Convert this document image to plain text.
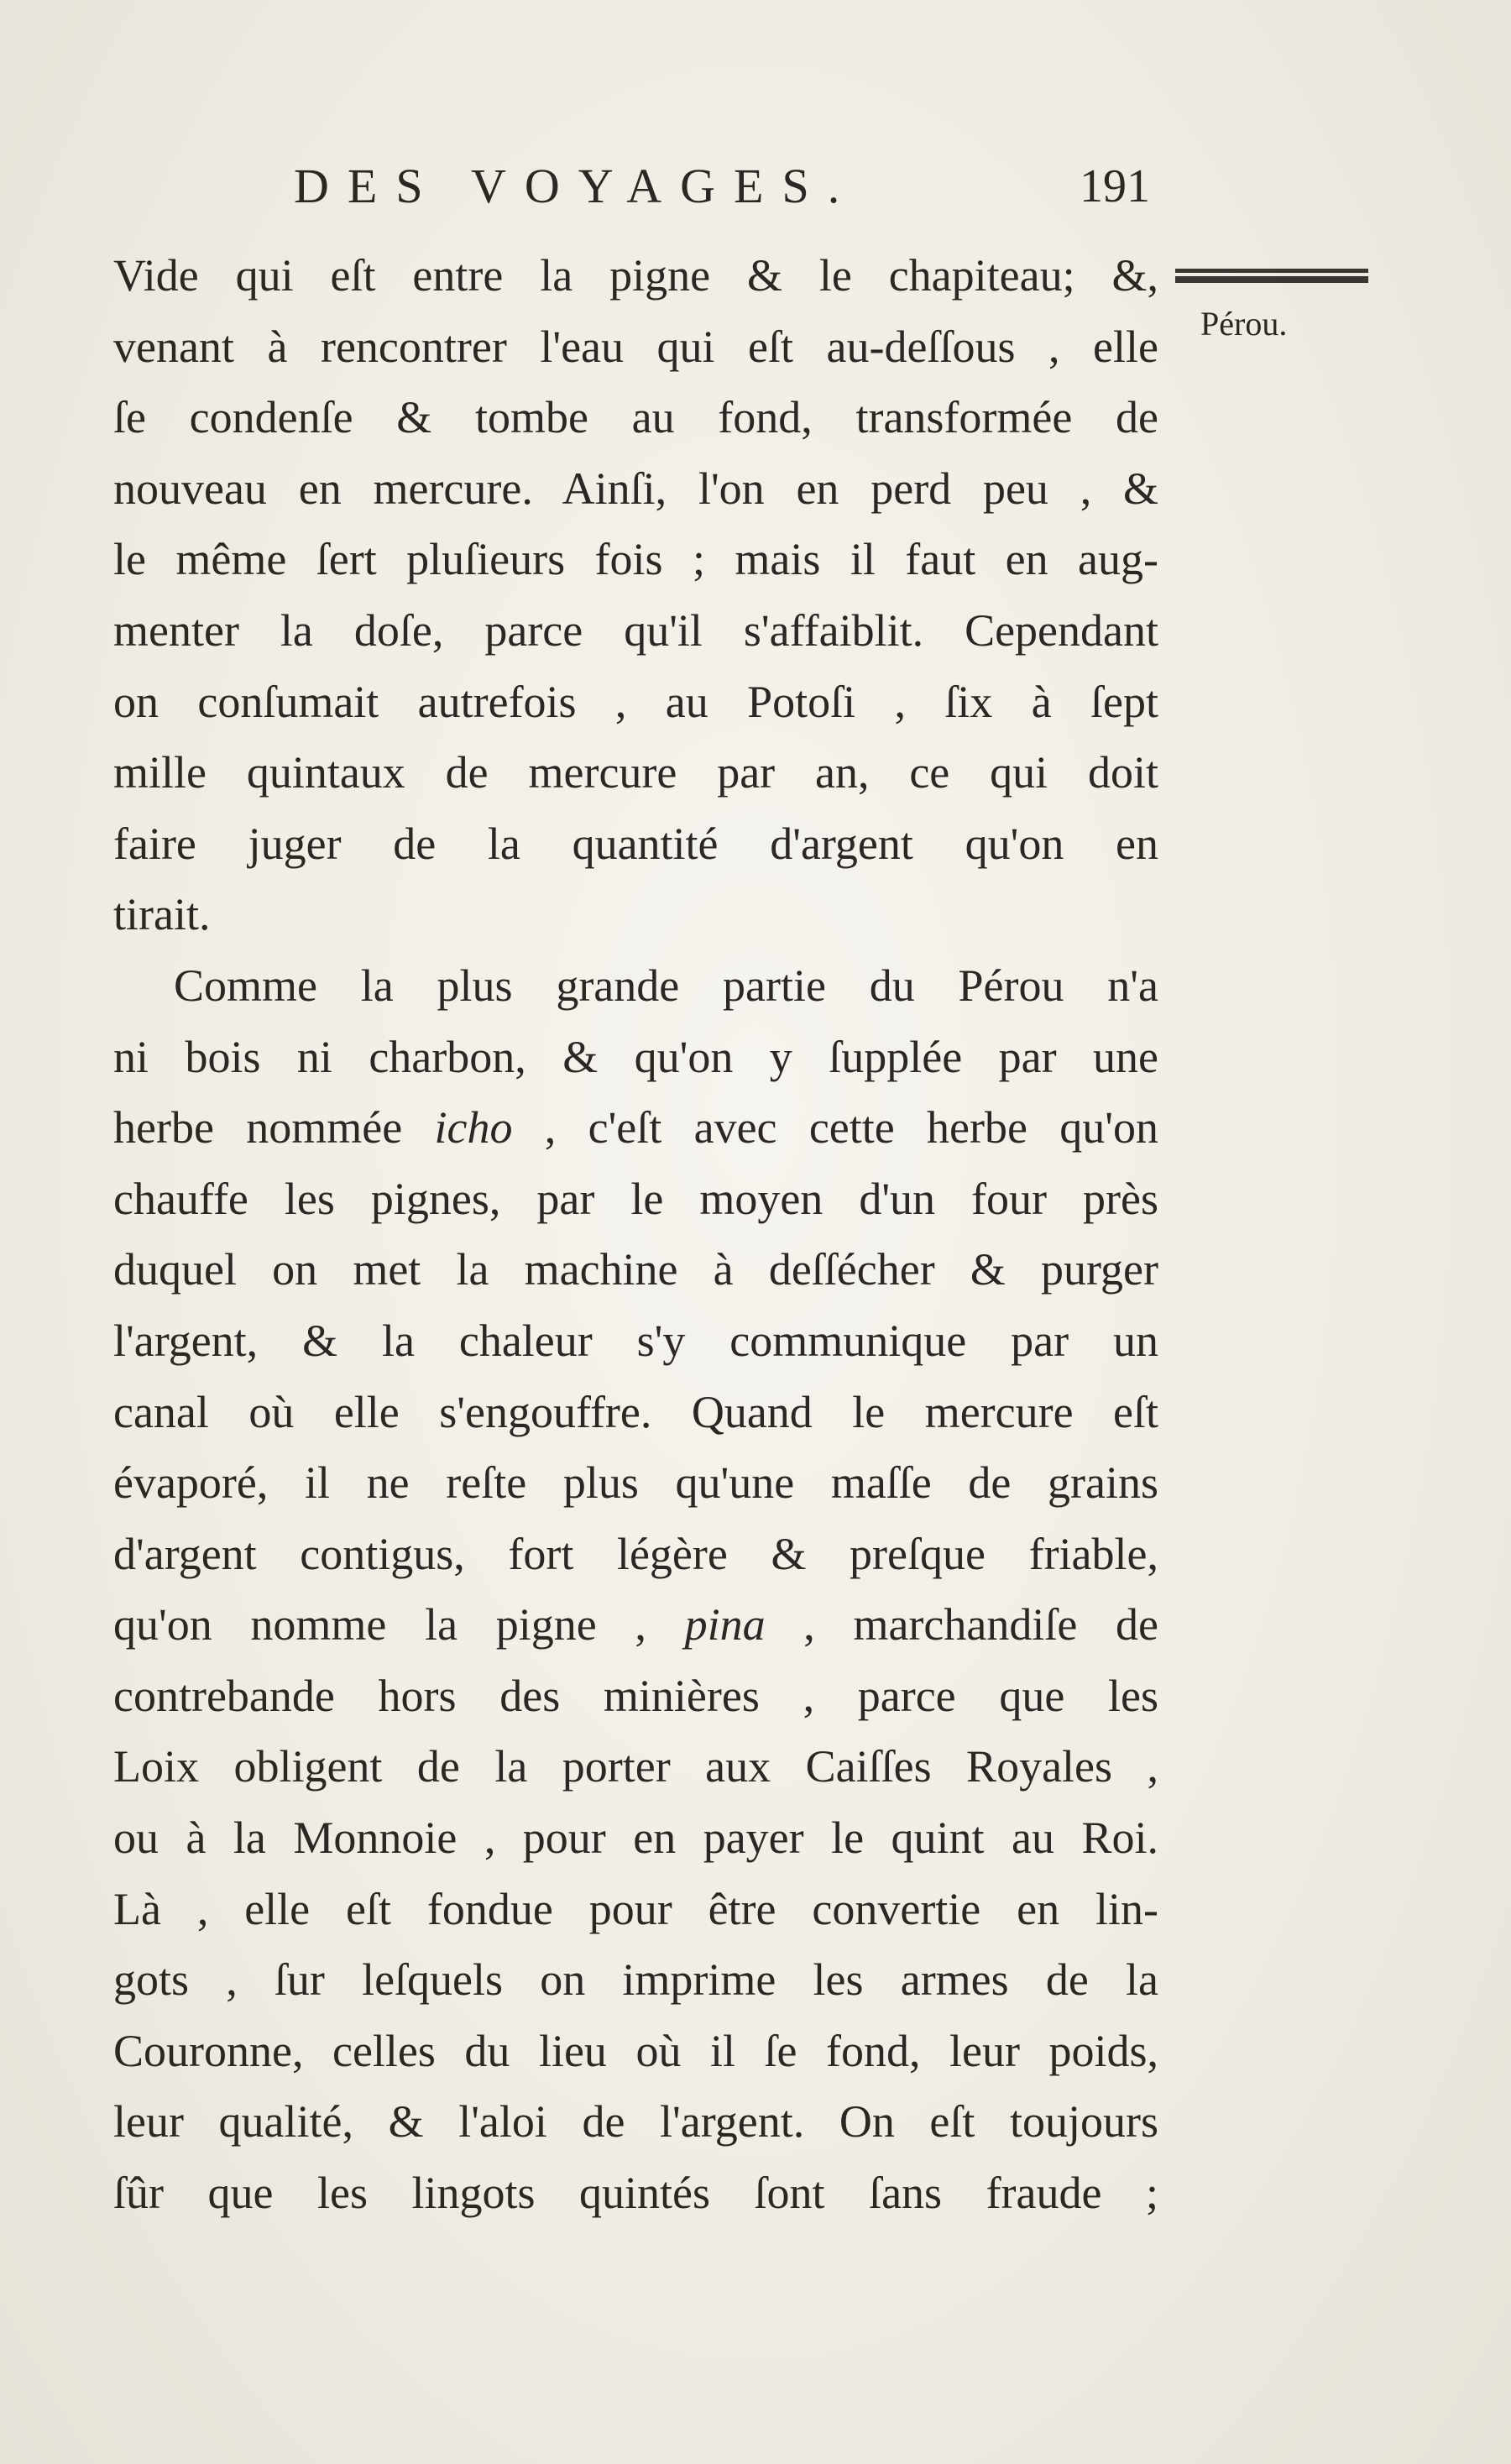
DES VOYAGES.	191
Pérou.
Vide qui eſt entre la pigne & le chapiteau; &,
venant à rencontrer l'eau qui eſt au-deſſous , elle
ſe condenſe & tombe au fond, transformée de
nouveau en mercure. Ainſi, l'on en perd peu , &
le même ſert pluſieurs fois ; mais il faut en aug-
menter la doſe, parce qu'il s'affaiblit. Cependant
on conſumait autrefois , au Potoſi , ſix à ſept
mille quintaux de mercure par an, ce qui doit
faire juger de la quantité d'argent qu'on en
tirait.
Comme la plus grande partie du Pérou n'a
ni bois ni charbon, & qu'on y ſupplée par une
herbe nommée icho , c'eſt avec cette herbe qu'on
chauffe les pignes, par le moyen d'un four près
duquel on met la machine à deſſécher & purger
l'argent, & la chaleur s'y communique par un
canal où elle s'engouffre. Quand le mercure eſt
évaporé, il ne reſte plus qu'une maſſe de grains
d'argent contigus, fort légère & preſque friable,
qu'on nomme la pigne , pina , marchandiſe de
contrebande hors des minières , parce que les
Loix obligent de la porter aux Caiſſes Royales ,
ou à la Monnoie , pour en payer le quint au Roi.
Là , elle eſt fondue pour être convertie en lin-
gots , ſur leſquels on imprime les armes de la
Couronne, celles du lieu où il ſe fond, leur poids,
leur qualité, & l'aloi de l'argent. On eſt toujours
ſûr que les lingots quintés ſont ſans fraude ;
